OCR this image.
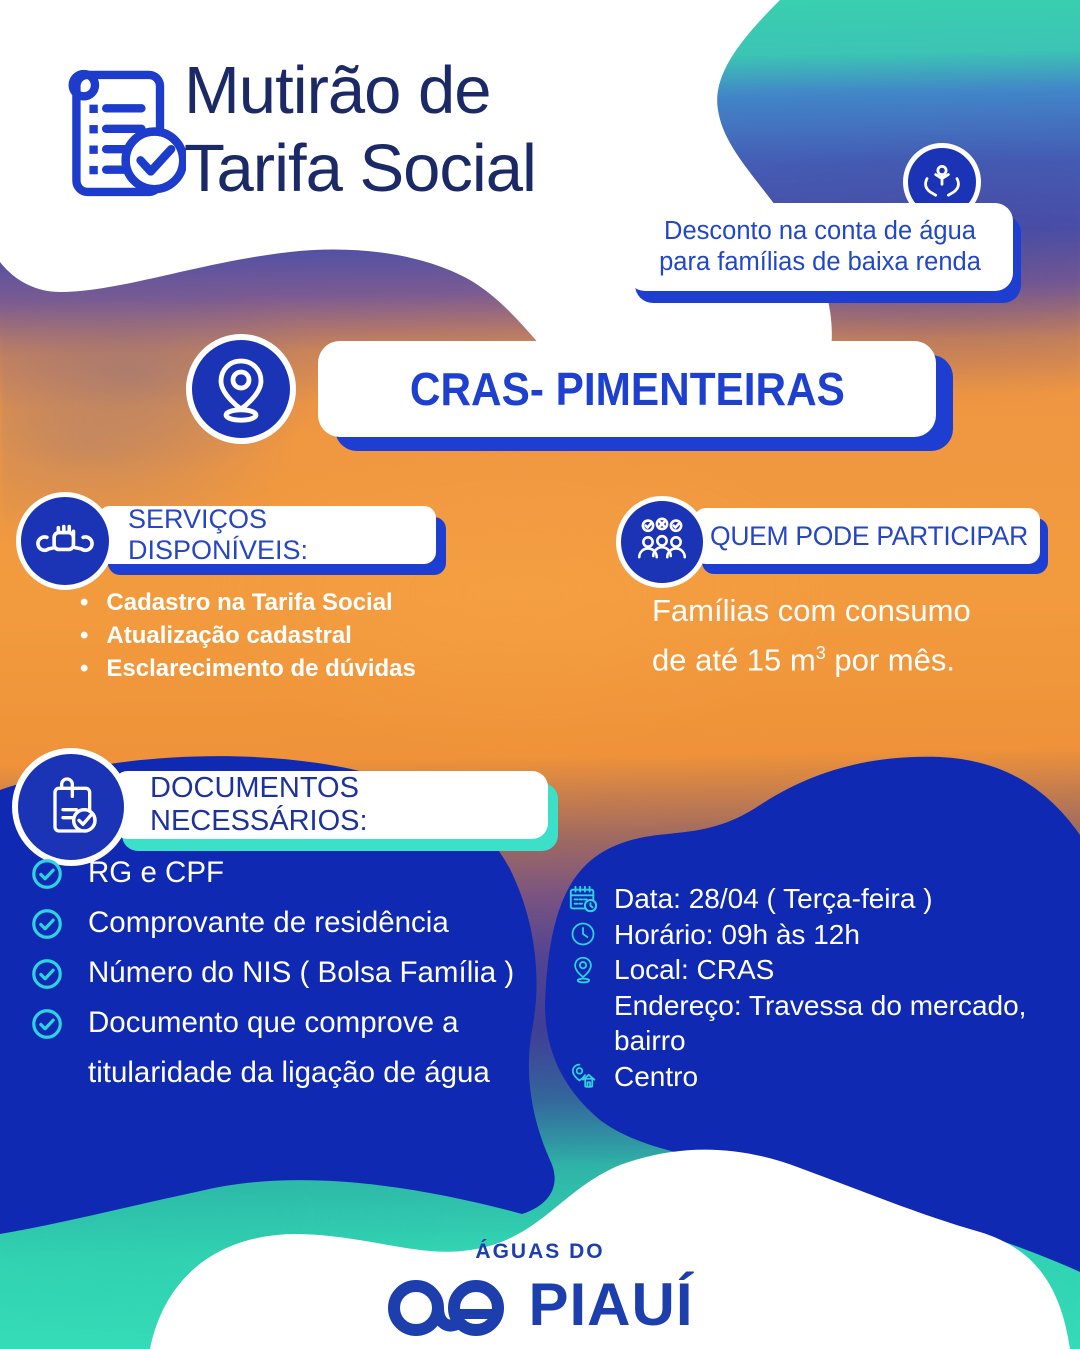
Mutirão de
Tarifa Social
Desconto na conta de água para famílias de baixa renda
CRAS- PIMENTEIRAS
SERVIÇOS DISPONÍVEIS:
• Cadastro na Tarifa Social
• Atualização cadastral
• Esclarecimento de dúvidas
QUEM PODE PARTICIPAR
Famílias com consumo
de até 15 $m^3$ por mês.
DOCUMENTOS NECESSÁRIOS:
RG e CPF
Comprovante de residência
Número do NIS ( Bolsa Família )
Documento que comprove a titularidade da ligação de água
Data: 28/04 ( Terça-feira )
Horário: 09h às 12h
Local: CRAS
Endereço: Travessa do mercado, bairro
Centro
ÁGUAS DO
PIAUÍ
